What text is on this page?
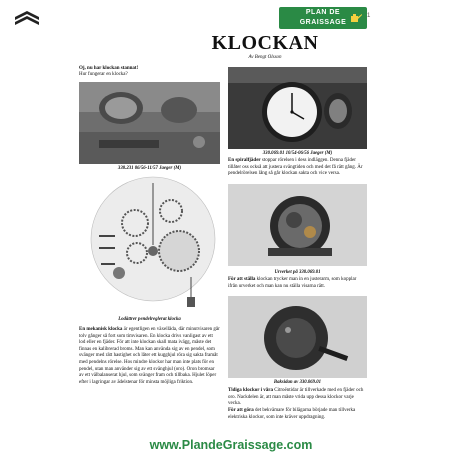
PLAN DE
GRAISSAGE
1
KLOCKAN
Av Bengt Olsson
Oj, nu har klockan stannat!
Hur fungerar en klocka?
338.231 06/56-11/57 Jaeger (M)
330.069.01 10/54-06/56 Jaeger (M)
En spiralfjäder stoppar rörelsen i dess indläggen. Denna fjäder tillåter oss också att justera svängtiden och med det få rätt gång. Är pendelrörelsen lång så går klockan sakta och vice versa.
Lodättrer pendelreglerat klocka
Urverket på 330.069.01
För att ställa klockan trycker man in en justerarm, som kopplar ifrån urverket och man kan nu ställa visarna rätt.
Baksidan av 330.069.01
En mekanisk klocka är egentligen en växellåda, där minutvisaren går tolv gånger så fort som timvisaren. En klocka drivs vanligast av ett lod eller en fjäder. För att inte klockan skall mata ivägg, måste det finnas en kalibrerad broms. Man kan använda sig av en pendel, som svänger med rätt hastighet och låter ett kugghjul röra sig sakta framåt med pendelns rörelse. Hos mindre klockor har man inte plats för en pendel, utan man använder sig av ett svänghjul (oro). Oron bromsar av ett välbalanserat hjul, som svänger fram och tillbaka. Hjulet löper efter i lagringar av ädelstenar för minsta möjliga friktion.
Tidiga klockor i våra Citroëntidar är tillverkade med en fjäder och oro. Nackdelen är, att man måste vrida upp dessa klockor varje vecka.
För att göra det bekvämare för bilägarna började man tillverka elektriska klockor, som inte kräver uppdragning.
www.PlandeGraissage.com
